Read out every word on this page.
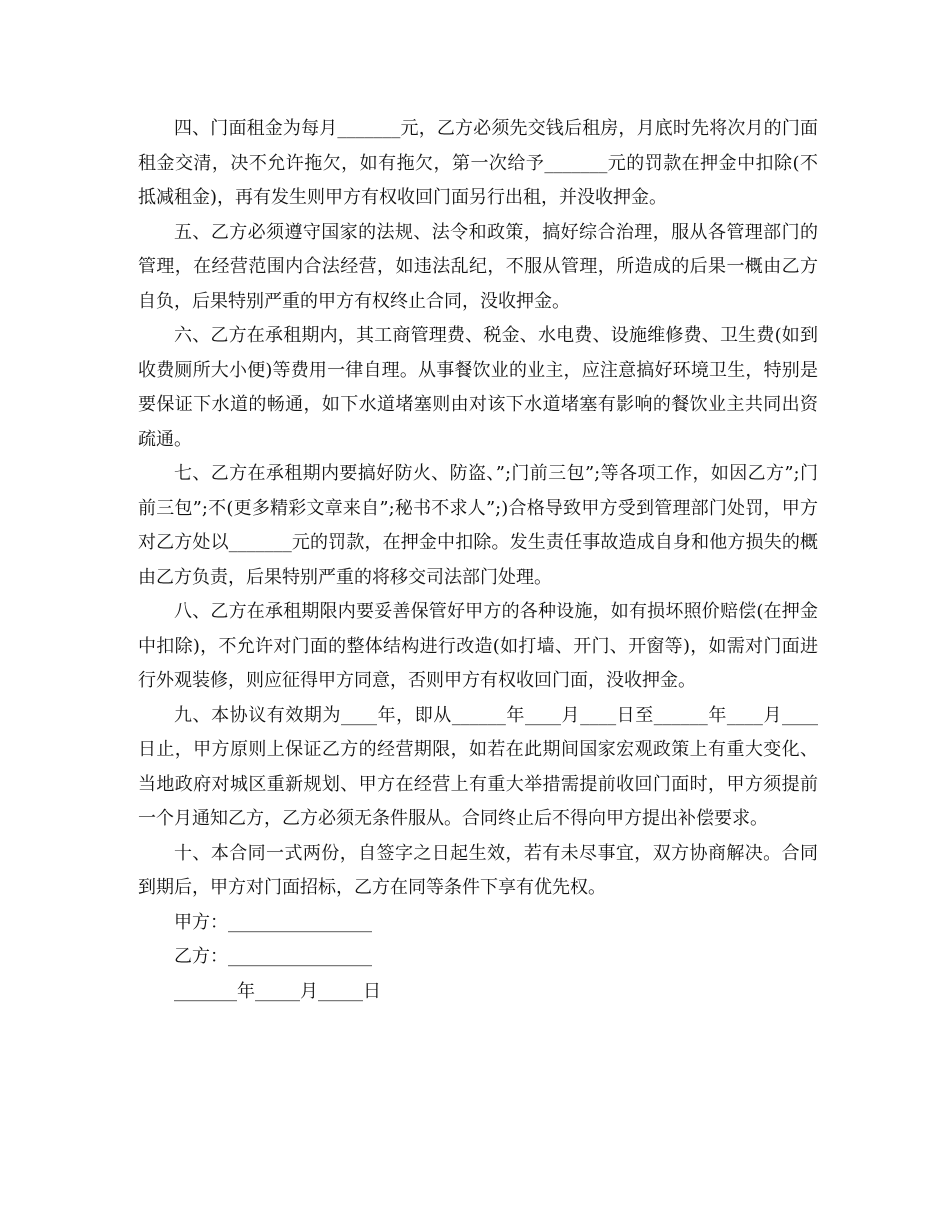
四、门面租金为每月_______元，乙方必须先交钱后租房，月底时先将次月的门面租金交清，决不允许拖欠，如有拖欠，第一次给予_______元的罚款在押金中扣除(不抵减租金)，再有发生则甲方有权收回门面另行出租，并没收押金。

五、乙方必须遵守国家的法规、法令和政策，搞好综合治理，服从各管理部门的管理，在经营范围内合法经营，如违法乱纪，不服从管理，所造成的后果一概由乙方自负，后果特别严重的甲方有权终止合同，没收押金。

六、乙方在承租期内，其工商管理费、税金、水电费、设施维修费、卫生费(如到收费厕所大小便)等费用一律自理。从事餐饮业的业主，应注意搞好环境卫生，特别是要保证下水道的畅通，如下水道堵塞则由对该下水道堵塞有影响的餐饮业主共同出资疏通。

七、乙方在承租期内要搞好防火、防盗、”;门前三包”;等各项工作，如因乙方”;门前三包”;不(更多精彩文章来自”;秘书不求人”;)合格导致甲方受到管理部门处罚，甲方对乙方处以_______元的罚款，在押金中扣除。发生责任事故造成自身和他方损失的概由乙方负责，后果特别严重的将移交司法部门处理。

八、乙方在承租期限内要妥善保管好甲方的各种设施，如有损坏照价赔偿(在押金中扣除)，不允许对门面的整体结构进行改造(如打墙、开门、开窗等)，如需对门面进行外观装修，则应征得甲方同意，否则甲方有权收回门面，没收押金。

九、本协议有效期为____年，即从______年____月____日至______年____月____日止，甲方原则上保证乙方的经营期限，如若在此期间国家宏观政策上有重大变化、当地政府对城区重新规划、甲方在经营上有重大举措需提前收回门面时，甲方须提前一个月通知乙方，乙方必须无条件服从。合同终止后不得向甲方提出补偿要求。

十、本合同一式两份，自签字之日起生效，若有未尽事宜，双方协商解决。合同到期后，甲方对门面招标，乙方在同等条件下享有优先权。

甲方：________________

乙方：________________

_______年_____月_____日
